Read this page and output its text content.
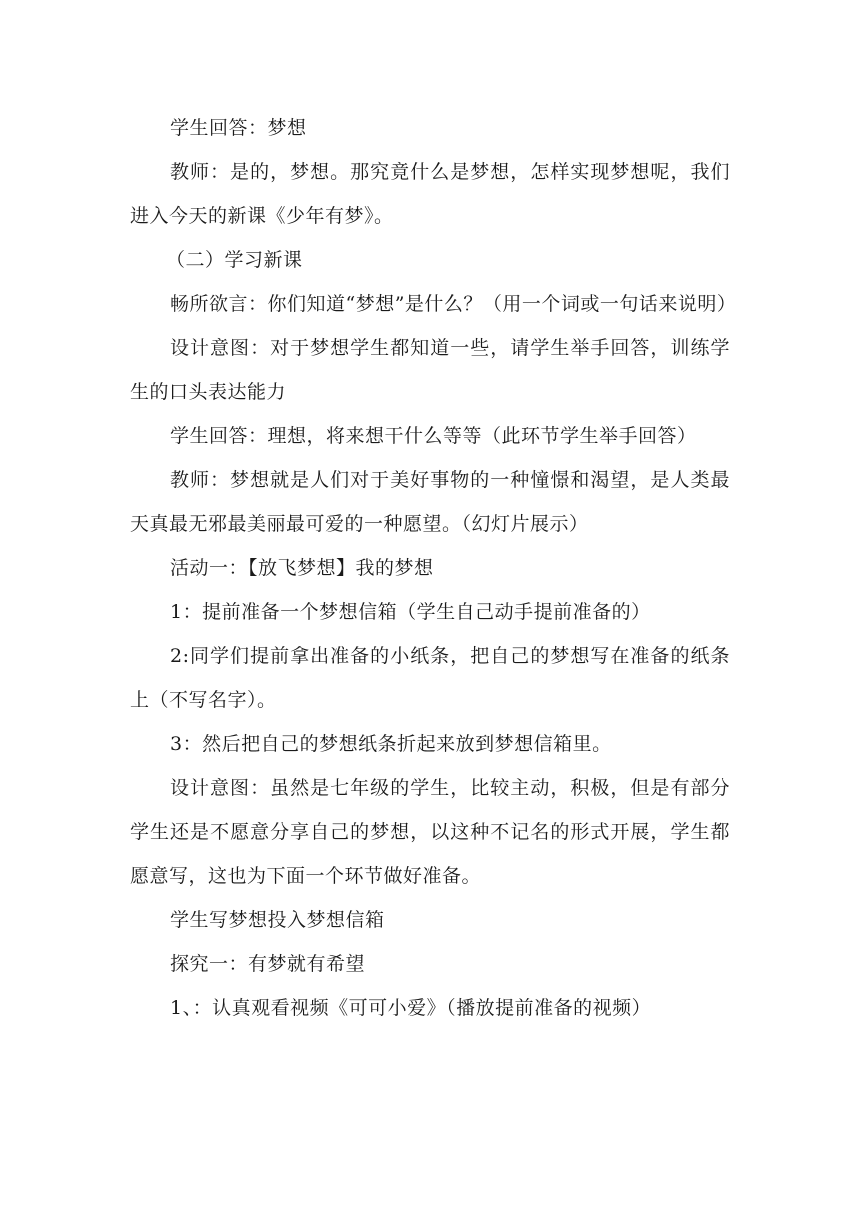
学生回答：梦想

教师：是的，梦想。那究竟什么是梦想，怎样实现梦想呢，我们进入今天的新课《少年有梦》。

（二）学习新课

畅所欲言：你们知道“梦想”是什么？（用一个词或一句话来说明）

设计意图：对于梦想学生都知道一些，请学生举手回答，训练学生的口头表达能力

学生回答：理想，将来想干什么等等（此环节学生举手回答）

教师：梦想就是人们对于美好事物的一种憧憬和渴望，是人类最天真最无邪最美丽最可爱的一种愿望。（幻灯片展示）

活动一：【放飞梦想】我的梦想

1：提前准备一个梦想信箱（学生自己动手提前准备的）

2:同学们提前拿出准备的小纸条，把自己的梦想写在准备的纸条上（不写名字）。

3：然后把自己的梦想纸条折起来放到梦想信箱里。

设计意图：虽然是七年级的学生，比较主动，积极，但是有部分学生还是不愿意分享自己的梦想，以这种不记名的形式开展，学生都愿意写，这也为下面一个环节做好准备。

学生写梦想投入梦想信箱

探究一：有梦就有希望

1、：认真观看视频《可可小爱》（播放提前准备的视频）
